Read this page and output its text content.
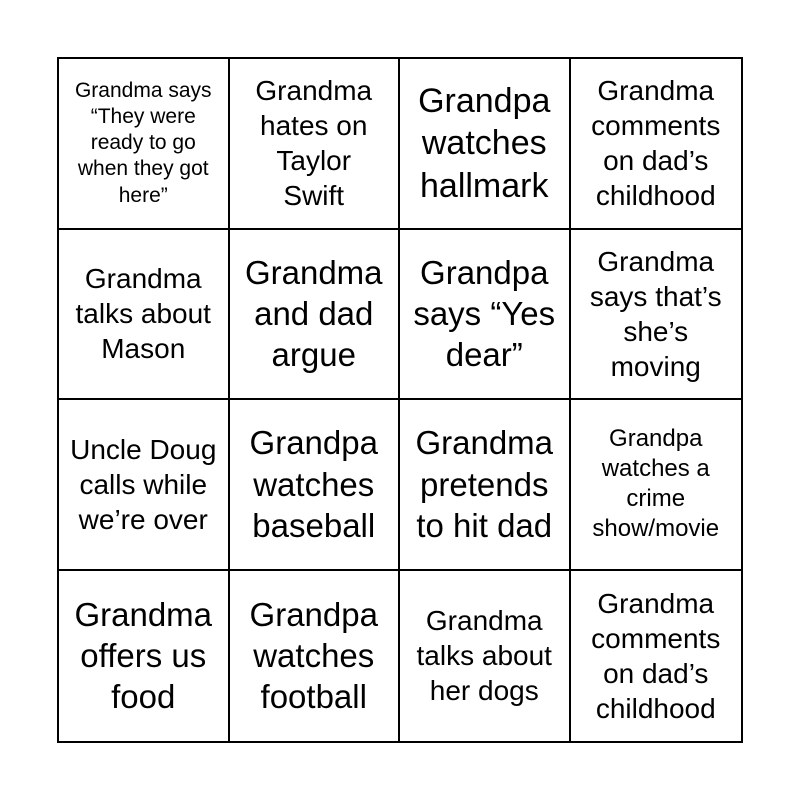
Grandma says “They were ready to go when they got here”
Grandma hates on Taylor Swift
Grandpa watches hallmark
Grandma comments on dad’s childhood
Grandma talks about Mason
Grandma and dad argue
Grandpa says “Yes dear”
Grandma says that’s she’s moving
Uncle Doug calls while we’re over
Grandpa watches baseball
Grandma pretends to hit dad
Grandpa watches a crime show/movie
Grandma offers us food
Grandpa watches football
Grandma talks about her dogs
Grandma comments on dad’s childhood
